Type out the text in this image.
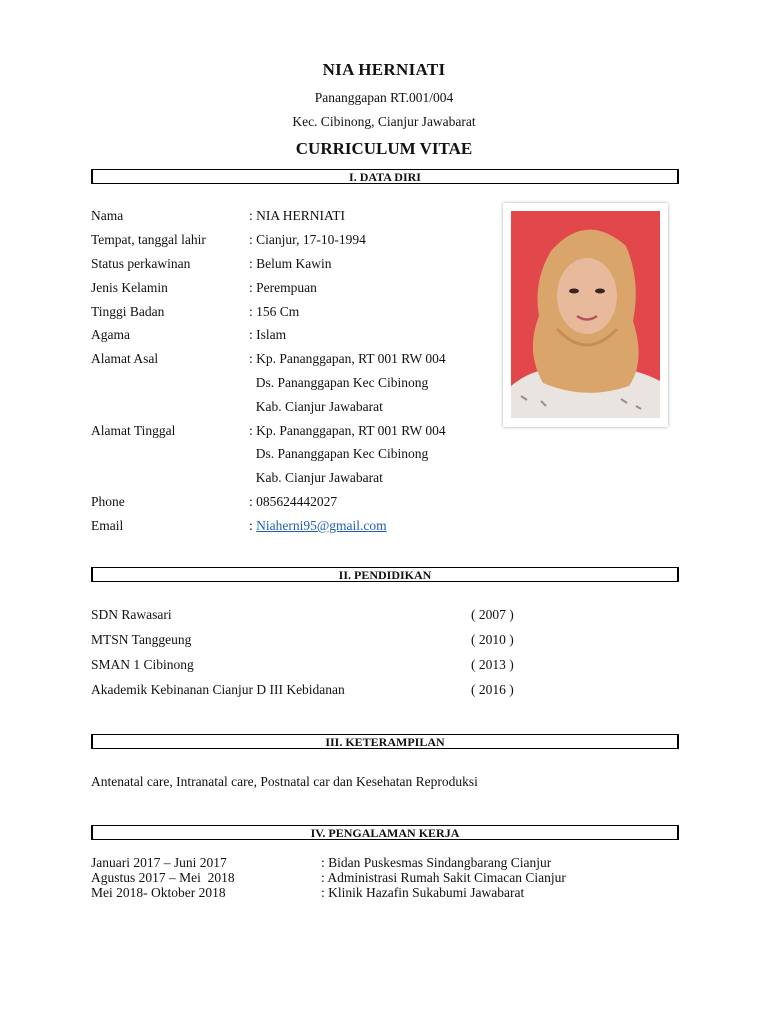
NIA HERNIATI
Pananggapan RT.001/004
Kec. Cibinong, Cianjur Jawabarat
CURRICULUM VITAE
I. DATA DIRI
Nama	: NIA HERNIATI
Tempat, tanggal lahir	: Cianjur, 17-10-1994
Status perkawinan	: Belum Kawin
Jenis Kelamin	: Perempuan
Tinggi Badan	: 156 Cm
Agama	: Islam
Alamat Asal	: Kp. Pananggapan, RT 001 RW 004
Ds. Pananggapan Kec Cibinong
Kab. Cianjur Jawabarat
Alamat Tinggal	: Kp. Pananggapan, RT 001 RW 004
Ds. Pananggapan Kec Cibinong
Kab. Cianjur Jawabarat
Phone	: 085624442027
Email	: Niaherni95@gmail.com
II. PENDIDIKAN
SDN Rawasari	( 2007 )
MTSN Tanggeung	( 2010 )
SMAN 1 Cibinong	( 2013 )
Akademik Kebinanan Cianjur D III Kebidanan	( 2016 )
III. KETERAMPILAN
Antenatal care, Intranatal care, Postnatal car dan Kesehatan Reproduksi
IV. PENGALAMAN KERJA
Januari 2017 – Juni 2017	: Bidan Puskesmas Sindangbarang Cianjur
Agustus 2017 – Mei  2018	: Administrasi Rumah Sakit Cimacan Cianjur
Mei 2018- Oktober 2018	: Klinik Hazafin Sukabumi Jawabarat
